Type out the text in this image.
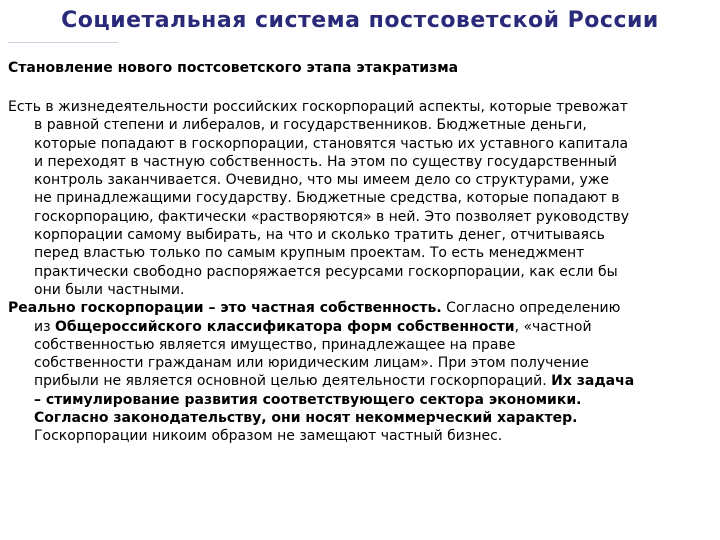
Социетальная система постсоветской России

Становление нового постсоветского этапа этакратизма

Есть в жизнедеятельности российских госкорпораций аспекты, которые тревожат
в равной степени и либералов, и государственников. Бюджетные деньги,
которые попадают в госкорпорации, становятся частью их уставного капитала
и переходят в частную собственность. На этом по существу государственный
контроль заканчивается. Очевидно, что мы имеем дело со структурами, уже
не принадлежащими государству. Бюджетные средства, которые попадают в
госкорпорацию, фактически «растворяются» в ней. Это позволяет руководству
корпорации самому выбирать, на что и сколько тратить денег, отчитываясь
перед властью только по самым крупным проектам. То есть менеджмент
практически свободно распоряжается ресурсами госкорпорации, как если бы
они были частными.

Реально госкорпорации – это частная собственность. Согласно определению
из Общероссийского классификатора форм собственности, «частной
собственностью является имущество, принадлежащее на праве
собственности гражданам или юридическим лицам». При этом получение
прибыли не является основной целью деятельности госкорпораций. Их задача
– стимулирование развития соответствующего сектора экономики.
Согласно законодательству, они носят некоммерческий характер.
Госкорпорации никоим образом не замещают частный бизнес.
